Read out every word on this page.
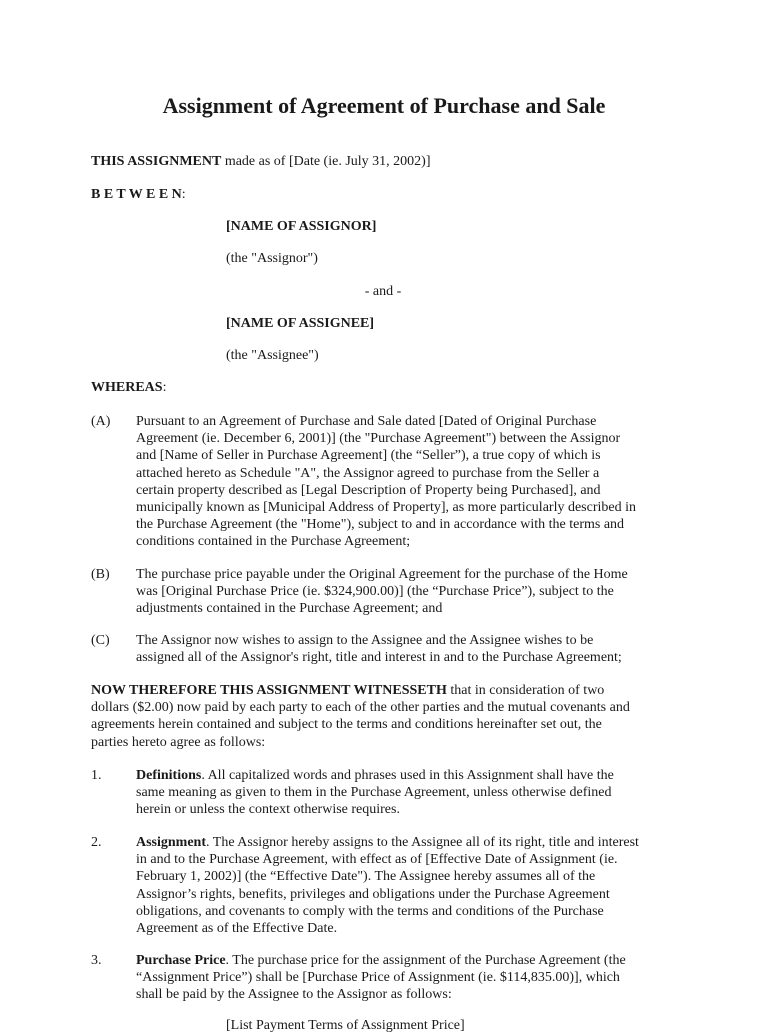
Assignment of Agreement of Purchase and Sale
THIS ASSIGNMENT made as of [Date (ie. July 31, 2002)]
B E T W E E N:
[NAME OF ASSIGNOR]
(the "Assignor")
- and -
[NAME OF ASSIGNEE]
(the "Assignee")
WHEREAS:
(A) Pursuant to an Agreement of Purchase and Sale dated [Dated of Original Purchase
Agreement (ie. December 6, 2001)] (the "Purchase Agreement") between the Assignor
and [Name of Seller in Purchase Agreement] (the “Seller”), a true copy of which is
attached hereto as Schedule "A", the Assignor agreed to purchase from the Seller a
certain property described as [Legal Description of Property being Purchased], and
municipally known as [Municipal Address of Property], as more particularly described in
the Purchase Agreement (the "Home"), subject to and in accordance with the terms and
conditions contained in the Purchase Agreement;
(B) The purchase price payable under the Original Agreement for the purchase of the Home
was [Original Purchase Price (ie. $324,900.00)] (the “Purchase Price”), subject to the
adjustments contained in the Purchase Agreement; and
(C) The Assignor now wishes to assign to the Assignee and the Assignee wishes to be
assigned all of the Assignor's right, title and interest in and to the Purchase Agreement;
NOW THEREFORE THIS ASSIGNMENT WITNESSETH that in consideration of two
dollars ($2.00) now paid by each party to each of the other parties and the mutual covenants and
agreements herein contained and subject to the terms and conditions hereinafter set out, the
parties hereto agree as follows:
1. Definitions. All capitalized words and phrases used in this Assignment shall have the
same meaning as given to them in the Purchase Agreement, unless otherwise defined
herein or unless the context otherwise requires.
2. Assignment. The Assignor hereby assigns to the Assignee all of its right, title and interest
in and to the Purchase Agreement, with effect as of [Effective Date of Assignment (ie.
February 1, 2002)] (the “Effective Date"). The Assignee hereby assumes all of the
Assignor’s rights, benefits, privileges and obligations under the Purchase Agreement
obligations, and covenants to comply with the terms and conditions of the Purchase
Agreement as of the Effective Date.
3. Purchase Price. The purchase price for the assignment of the Purchase Agreement (the
“Assignment Price”) shall be [Purchase Price of Assignment (ie. $114,835.00)], which
shall be paid by the Assignee to the Assignor as follows:
[List Payment Terms of Assignment Price]
